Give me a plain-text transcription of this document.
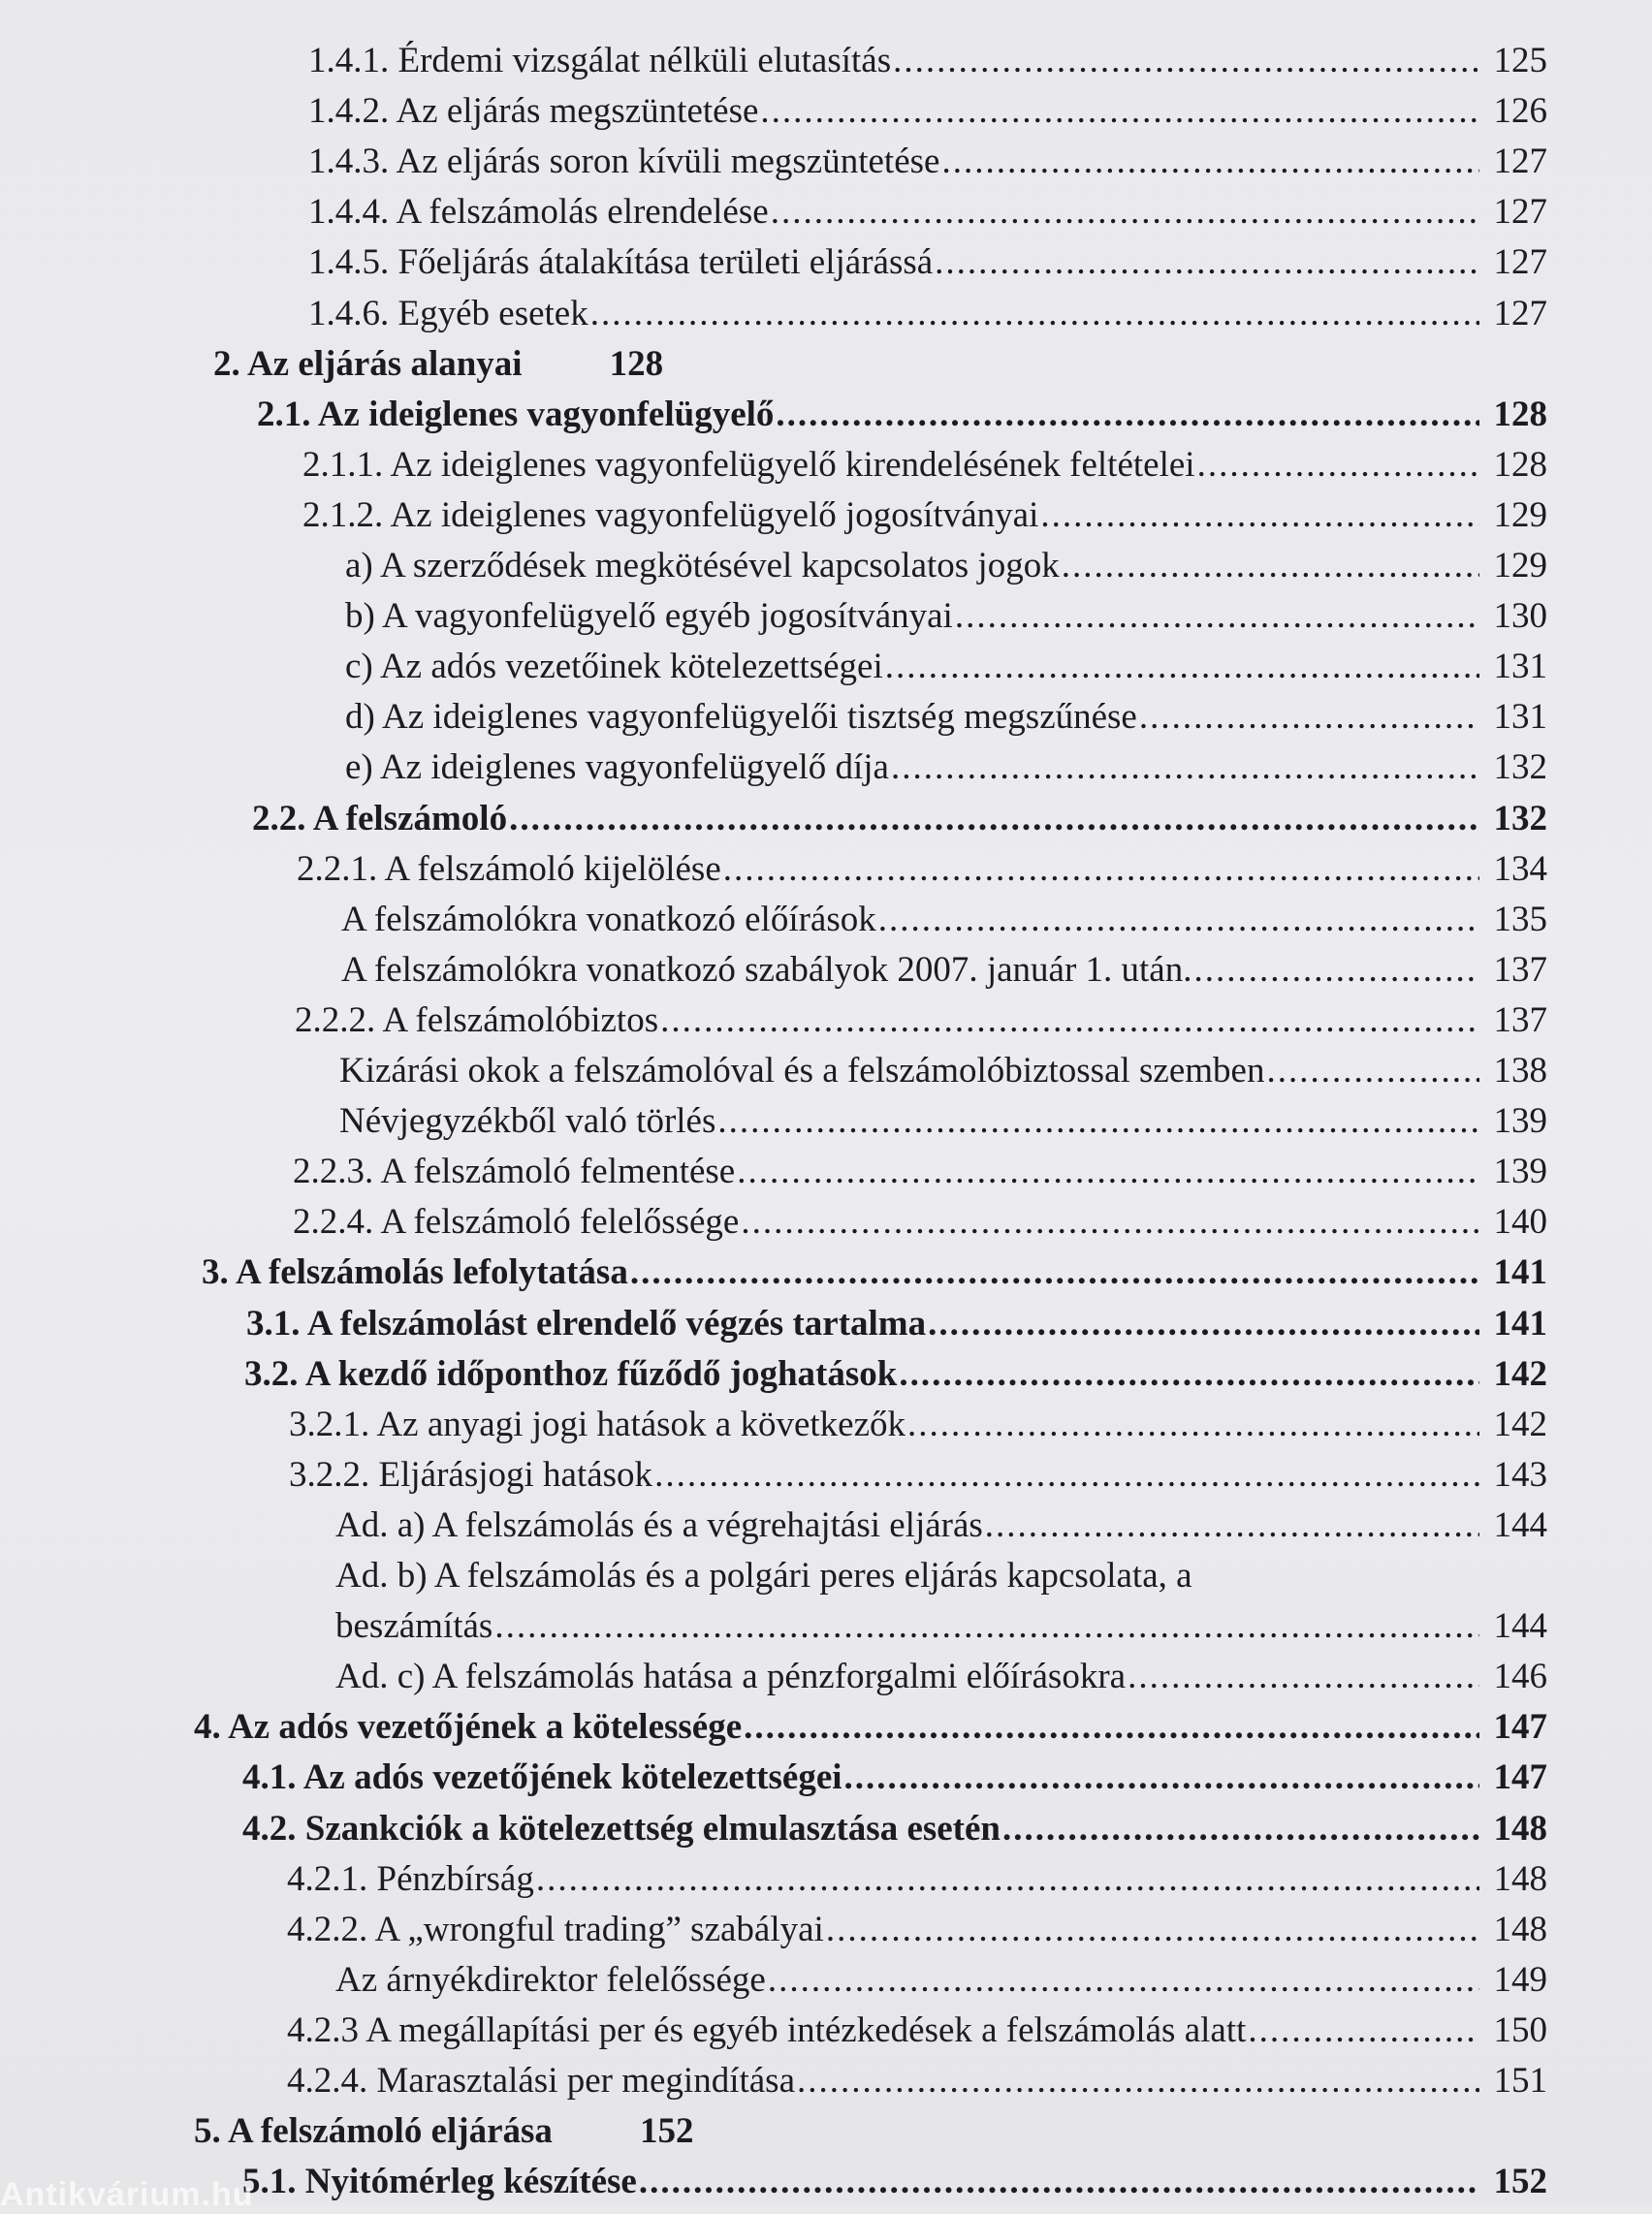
1.4.1. Érdemi vizsgálat nélküli elutasítás .....	125
1.4.2. Az eljárás megszüntetése .....	126
1.4.3. Az eljárás soron kívüli megszüntetése .....	127
1.4.4. A felszámolás elrendelése .....	127
1.4.5. Főeljárás átalakítása területi eljárássá .....	127
1.4.6. Egyéb esetek .....	127
2. Az eljárás alanyai 128
2.1. Az ideiglenes vagyonfelügyelő .....	128
2.1.1. Az ideiglenes vagyonfelügyelő kirendelésének feltételei .....	128
2.1.2. Az ideiglenes vagyonfelügyelő jogosítványai .....	129
a) A szerződések megkötésével kapcsolatos jogok .....	129
b) A vagyonfelügyelő egyéb jogosítványai .....	130
c) Az adós vezetőinek kötelezettségei .....	131
d) Az ideiglenes vagyonfelügyelői tisztség megszűnése .....	131
e) Az ideiglenes vagyonfelügyelő díja .....	132
2.2. A felszámoló .....	132
2.2.1. A felszámoló kijelölése .....	134
A felszámolókra vonatkozó előírások .....	135
A felszámolókra vonatkozó szabályok 2007. január 1. után. .....	137
2.2.2. A felszámolóbiztos .....	137
Kizárási okok a felszámolóval és a felszámolóbiztossal szemben .....	138
Névjegyzékből való törlés .....	139
2.2.3. A felszámoló felmentése .....	139
2.2.4. A felszámoló felelőssége .....	140
3. A felszámolás lefolytatása .....	141
3.1. A felszámolást elrendelő végzés tartalma .....	141
3.2. A kezdő időponthoz fűződő joghatások .....	142
3.2.1. Az anyagi jogi hatások a következők .....	142
3.2.2. Eljárásjogi hatások .....	143
Ad. a) A felszámolás és a végrehajtási eljárás .....	144
Ad. b) A felszámolás és a polgári peres eljárás kapcsolata, a
beszámítás .....	144
Ad. c) A felszámolás hatása a pénzforgalmi előírásokra .....	146
4. Az adós vezetőjének a kötelessége .....	147
4.1. Az adós vezetőjének kötelezettségei .....	147
4.2. Szankciók a kötelezettség elmulasztása esetén .....	148
4.2.1. Pénzbírság .....	148
4.2.2. A „wrongful trading” szabályai .....	148
Az árnyékdirektor felelőssége .....	149
4.2.3 A megállapítási per és egyéb intézkedések a felszámolás alatt .....	150
4.2.4. Marasztalási per megindítása .....	151
5. A felszámoló eljárása 152
5.1. Nyitómérleg készítése .....	152
Antikvárium.hu
